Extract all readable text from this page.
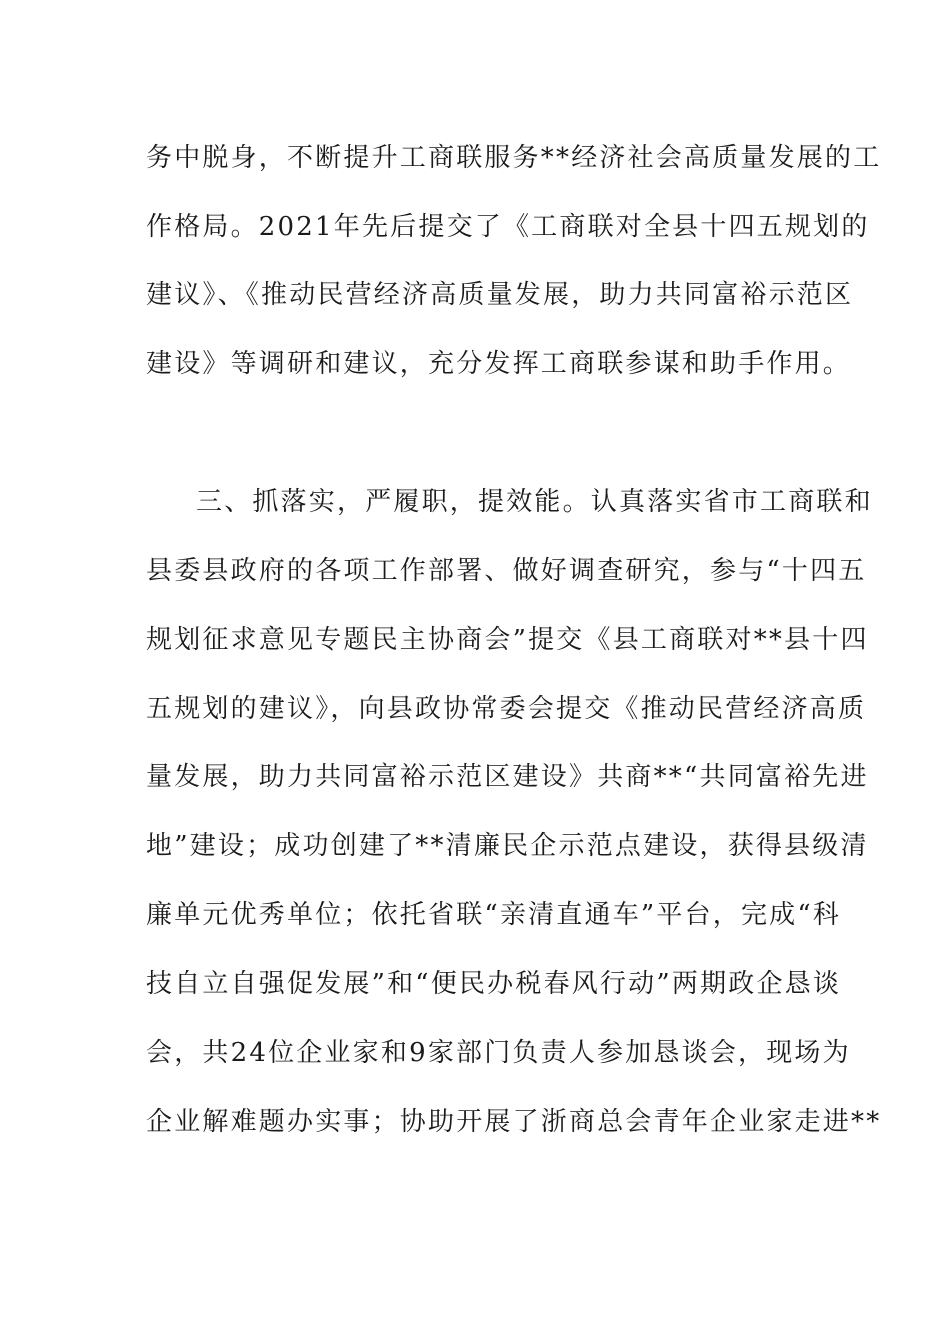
务中脱身，不断提升工商联服务**经济社会高质量发展的工
作格局。2021年先后提交了《工商联对全县十四五规划的
建议》、《推动民营经济高质量发展，助力共同富裕示范区
建设》等调研和建议，充分发挥工商联参谋和助手作用。
三、抓落实，严履职，提效能。认真落实省市工商联和
县委县政府的各项工作部署、做好调查研究，参与“十四五
规划征求意见专题民主协商会”提交《县工商联对**县十四
五规划的建议》，向县政协常委会提交《推动民营经济高质
量发展，助力共同富裕示范区建设》共商**“共同富裕先进
地”建设；成功创建了**清廉民企示范点建设，获得县级清
廉单元优秀单位；依托省联“亲清直通车”平台，完成“科
技自立自强促发展”和“便民办税春风行动”两期政企恳谈
会，共24位企业家和9家部门负责人参加恳谈会，现场为
企业解难题办实事；协助开展了浙商总会青年企业家走进**
